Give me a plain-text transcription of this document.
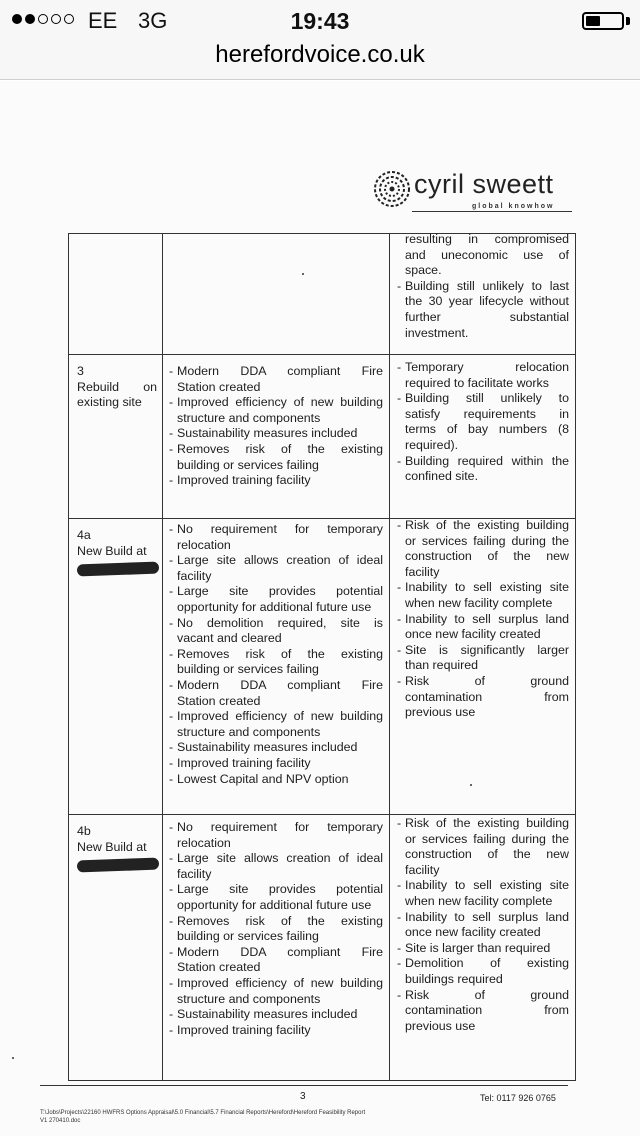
EE 3G	19:43
herefordvoice.co.uk
cyril sweett
global knowhow
resulting in compromised
and uneconomic use of
space.
- Building still unlikely to last
the 30 year lifecycle without
further substantial
investment.
3
Rebuild on
existing site
- Modern DDA compliant Fire
Station created
- Improved efficiency of new building
structure and components
- Sustainability measures included
- Removes risk of the existing
building or services failing
- Improved training facility
- Temporary relocation
required to facilitate works
- Building still unlikely to
satisfy requirements in
terms of bay numbers (8
required).
- Building required within the
confined site.
4a
New Build at
- No requirement for temporary
relocation
- Large site allows creation of ideal
facility
- Large site provides potential
opportunity for additional future use
- No demolition required, site is
vacant and cleared
- Removes risk of the existing
building or services failing
- Modern DDA compliant Fire
Station created
- Improved efficiency of new building
structure and components
- Sustainability measures included
- Improved training facility
- Lowest Capital and NPV option
- Risk of the existing building
or services failing during the
construction of the new
facility
- Inability to sell existing site
when new facility complete
- Inability to sell surplus land
once new facility created
- Site is significantly larger
than required
- Risk of ground
contamination from
previous use
4b
New Build at
- No requirement for temporary
relocation
- Large site allows creation of ideal
facility
- Large site provides potential
opportunity for additional future use
- Removes risk of the existing
building or services failing
- Modern DDA compliant Fire
Station created
- Improved efficiency of new building
structure and components
- Sustainability measures included
- Improved training facility
- Risk of the existing building
or services failing during the
construction of the new
facility
- Inability to sell existing site
when new facility complete
- Inability to sell surplus land
once new facility created
- Site is larger than required
- Demolition of existing
buildings required
- Risk of ground
contamination from
previous use
3	Tel: 0117 926 0765
T:\Jobs\Projects\22160 HWFRS Options Appraisal\5.0 Financial\5.7 Financial Reports\Hereford\Hereford Feasibility Report
V1 270410.doc
